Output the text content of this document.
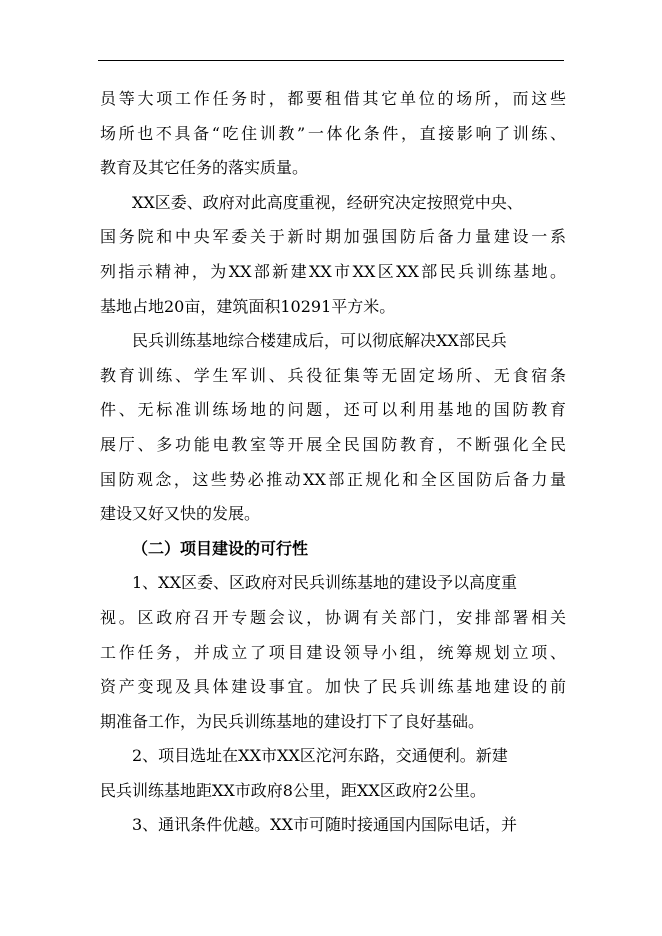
员等大项工作任务时，都要租借其它单位的场所，而这些
场所也不具备“吃住训教”一体化条件，直接影响了训练、
教育及其它任务的落实质量。
XX区委、政府对此高度重视，经研究决定按照党中央、
国务院和中央军委关于新时期加强国防后备力量建设一系
列指示精神，为XX部新建XX市XX区XX部民兵训练基地。
基地占地20亩，建筑面积10291平方米。
民兵训练基地综合楼建成后，可以彻底解决XX部民兵
教育训练、学生军训、兵役征集等无固定场所、无食宿条
件、无标准训练场地的问题，还可以利用基地的国防教育
展厅、多功能电教室等开展全民国防教育，不断强化全民
国防观念，这些势必推动XX部正规化和全区国防后备力量
建设又好又快的发展。
（二）项目建设的可行性
1、XX区委、区政府对民兵训练基地的建设予以高度重
视。区政府召开专题会议，协调有关部门，安排部署相关
工作任务，并成立了项目建设领导小组，统筹规划立项、
资产变现及具体建设事宜。加快了民兵训练基地建设的前
期准备工作，为民兵训练基地的建设打下了良好基础。
2、项目选址在XX市XX区沱河东路，交通便利。新建
民兵训练基地距XX市政府8公里，距XX区政府2公里。
3、通讯条件优越。XX市可随时接通国内国际电话，并
